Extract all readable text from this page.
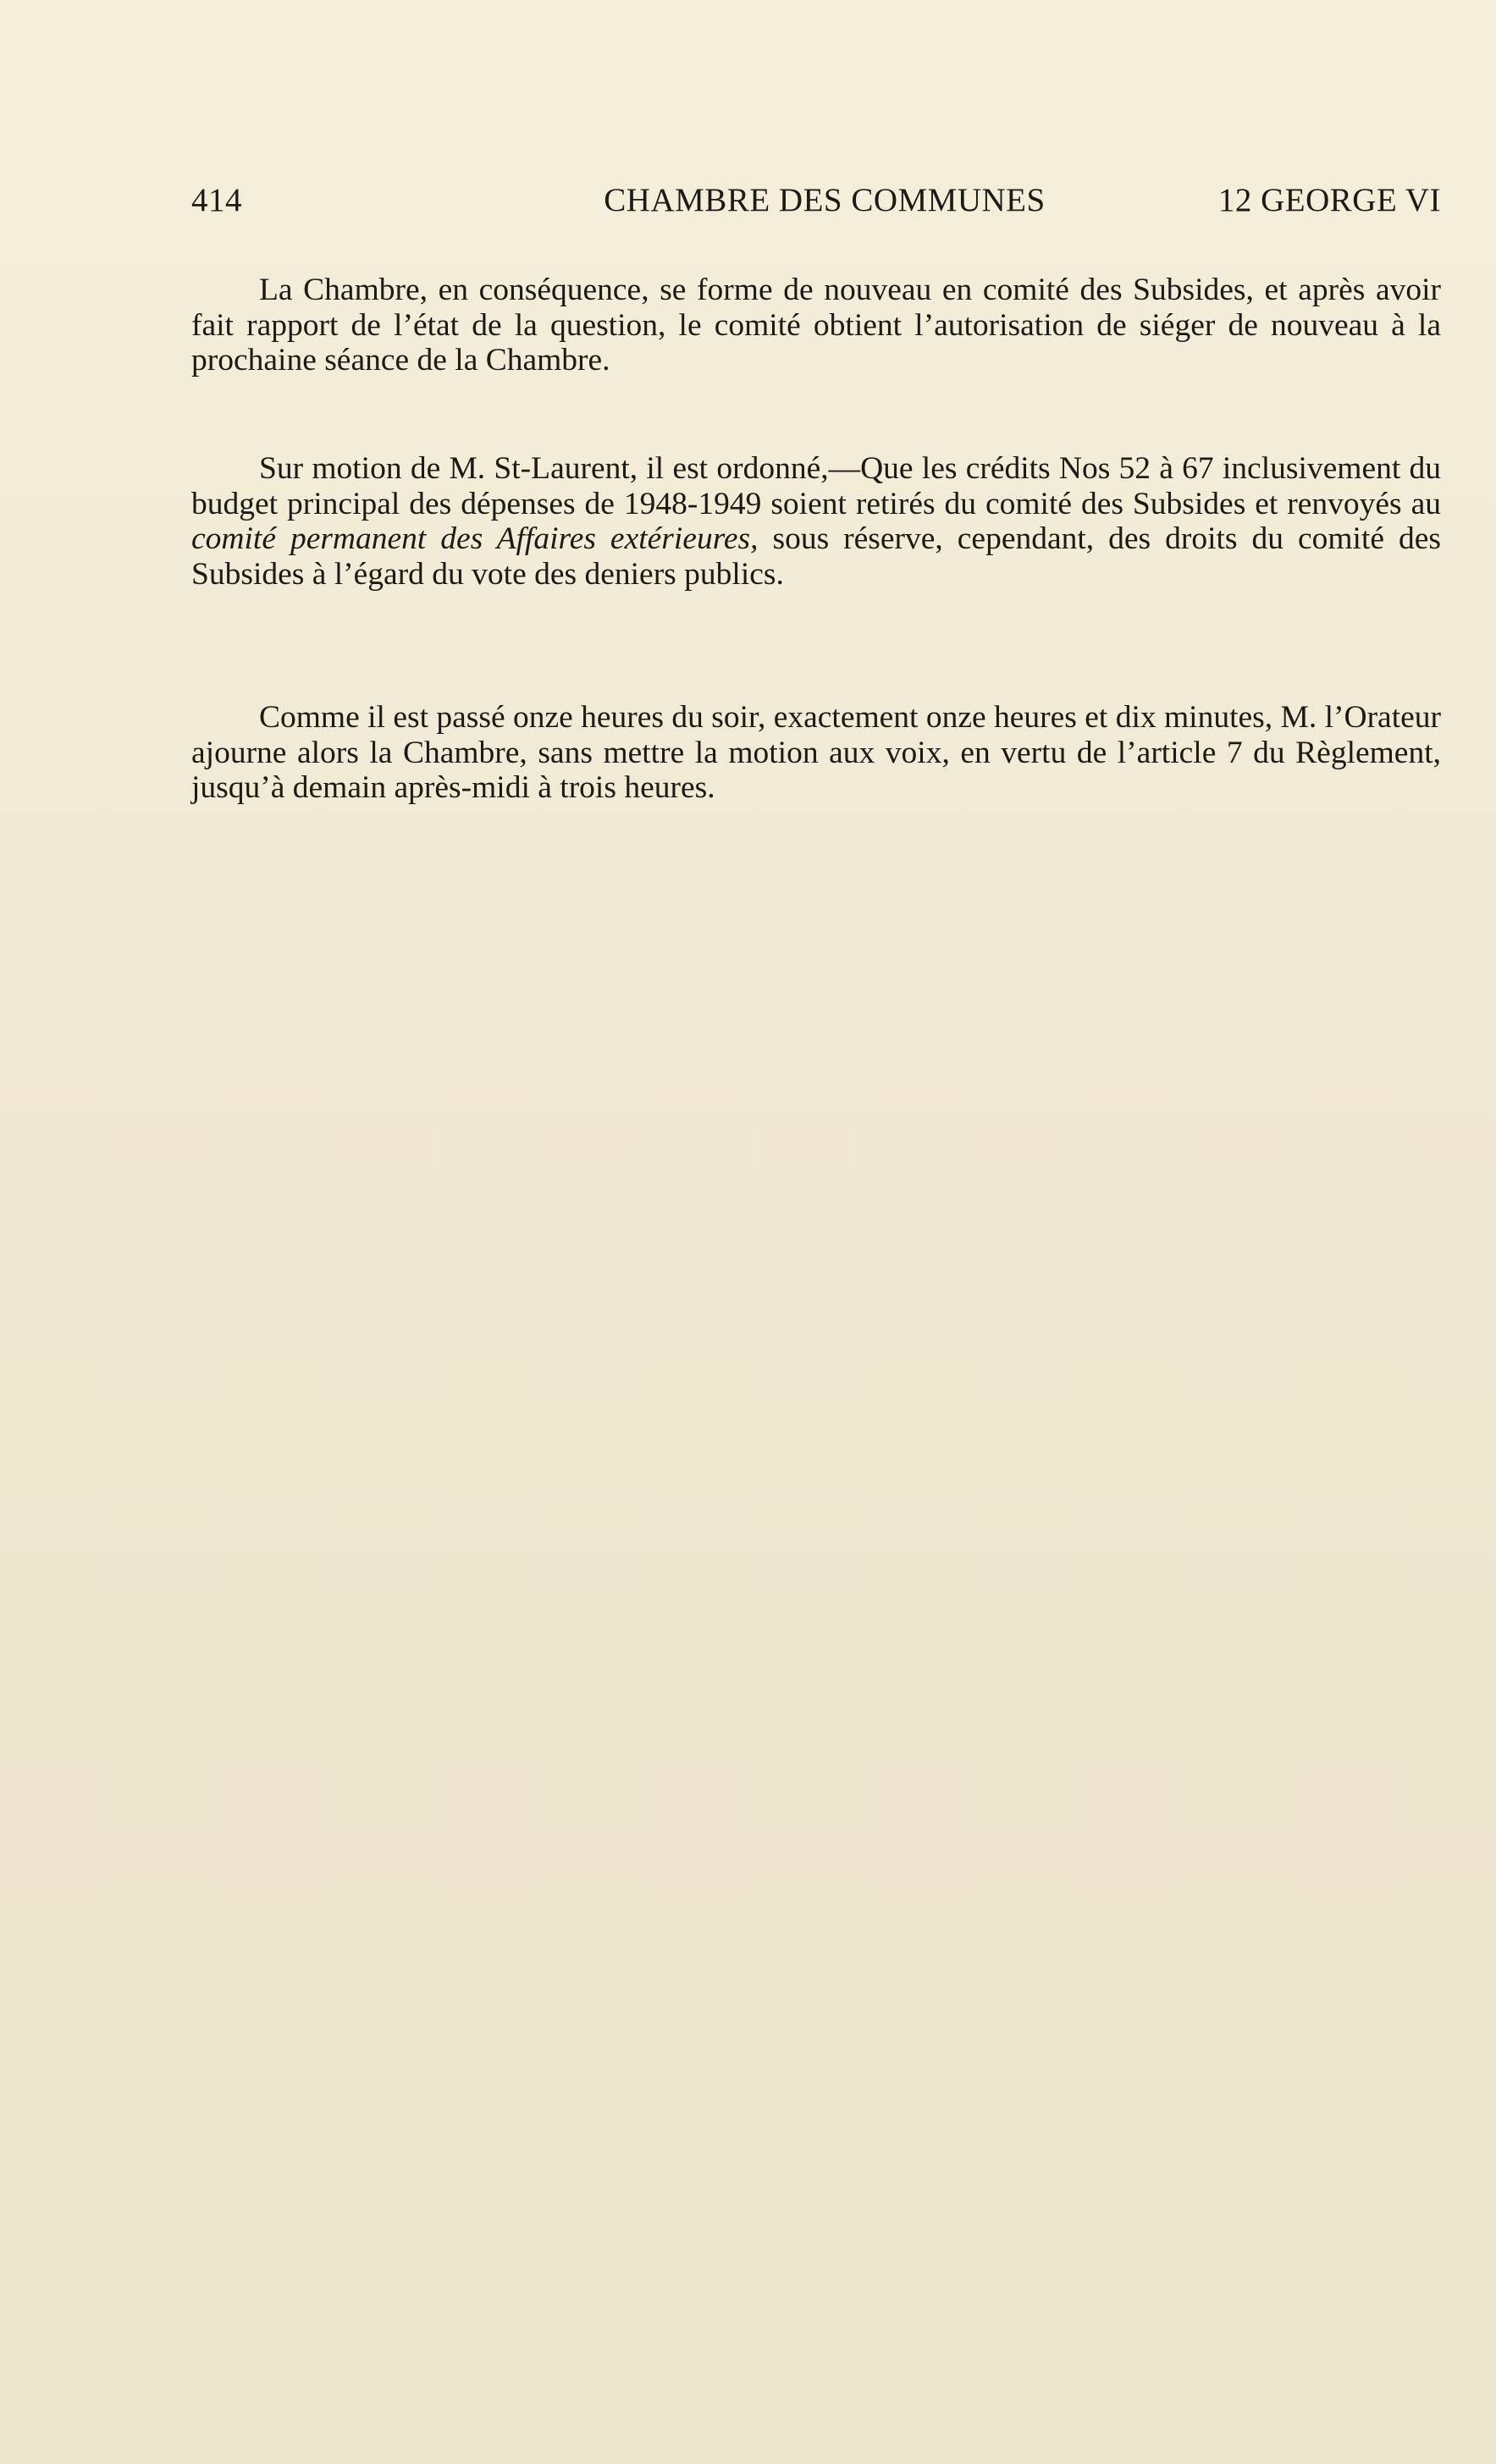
414	CHAMBRE DES COMMUNES	12 GEORGE VI

La Chambre, en conséquence, se forme de nouveau en comité des Subsides, et après avoir fait rapport de l’état de la question, le comité obtient l’autorisation de siéger de nouveau à la prochaine séance de la Chambre.

Sur motion de M. St-Laurent, il est ordonné,—Que les crédits Nos 52 à 67 inclusivement du budget principal des dépenses de 1948-1949 soient retirés du comité des Subsides et renvoyés au comité permanent des Affaires extérieures, sous réserve, cependant, des droits du comité des Subsides à l’égard du vote des deniers publics.

Comme il est passé onze heures du soir, exactement onze heures et dix minutes, M. l’Orateur ajourne alors la Chambre, sans mettre la motion aux voix, en vertu de l’article 7 du Règlement, jusqu’à demain après-midi à trois heures.
